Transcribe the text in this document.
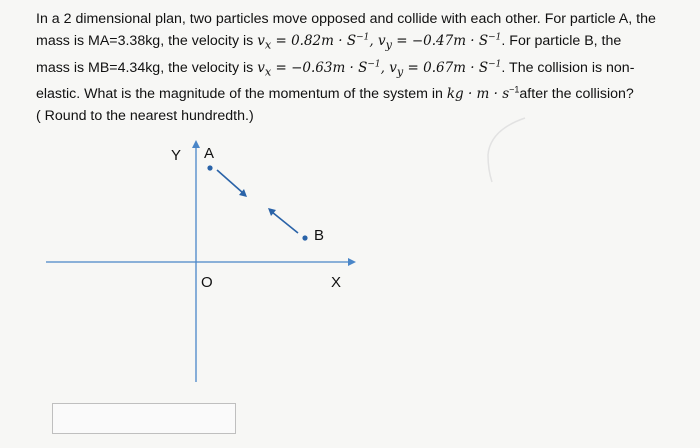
In a 2 dimensional plan, two particles move opposed and collide with each other. For particle A, the
mass is MA=3.38kg, the velocity is $v_x = 0.82m \cdot S^{-1}$, $v_y = -0.47m \cdot S^{-1}$. For particle B, the
mass is MB=4.34kg, the velocity is $v_x = -0.63m \cdot S^{-1}$, $v_y = 0.67m \cdot S^{-1}$. The collision is non-
elastic. What is the magnitude of the momentum of the system in kg · $m \cdot s^{-1}after$ the collision?
( Round to the nearest hundredth.)
Y A
B
O	X
